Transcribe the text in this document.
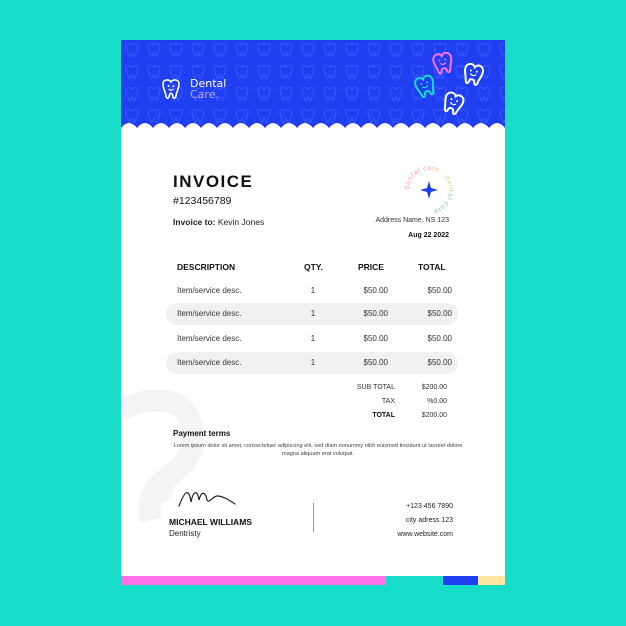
Dental
Care.
INVOICE
#123456789
Invoice to: Kevin Jones	Address Name, NS 123
Aug 22 2022
dental care · dental care ·
DESCRIPTION	QTY.	PRICE	TOTAL
Item/service desc.	1	$50.00	$50.00
Item/service desc.	1	$50.00	$50.00
Item/service desc.	1	$50.00	$50.00
Item/service desc.	1	$50.00	$50.00
SUB TOTAL	$200.00
TAX	%0.00
TOTAL	$200.00
Payment terms
Lorem ipsum dolor sit amet, consectetuer adipiscing elit, sed diam nonummy nibh euismod tincidunt ut laoreet dolore magna aliquam erat volutpat.
MICHAEL WILLIAMS
Dentristy
+123 456 7890
city adress 123
www.website.com
